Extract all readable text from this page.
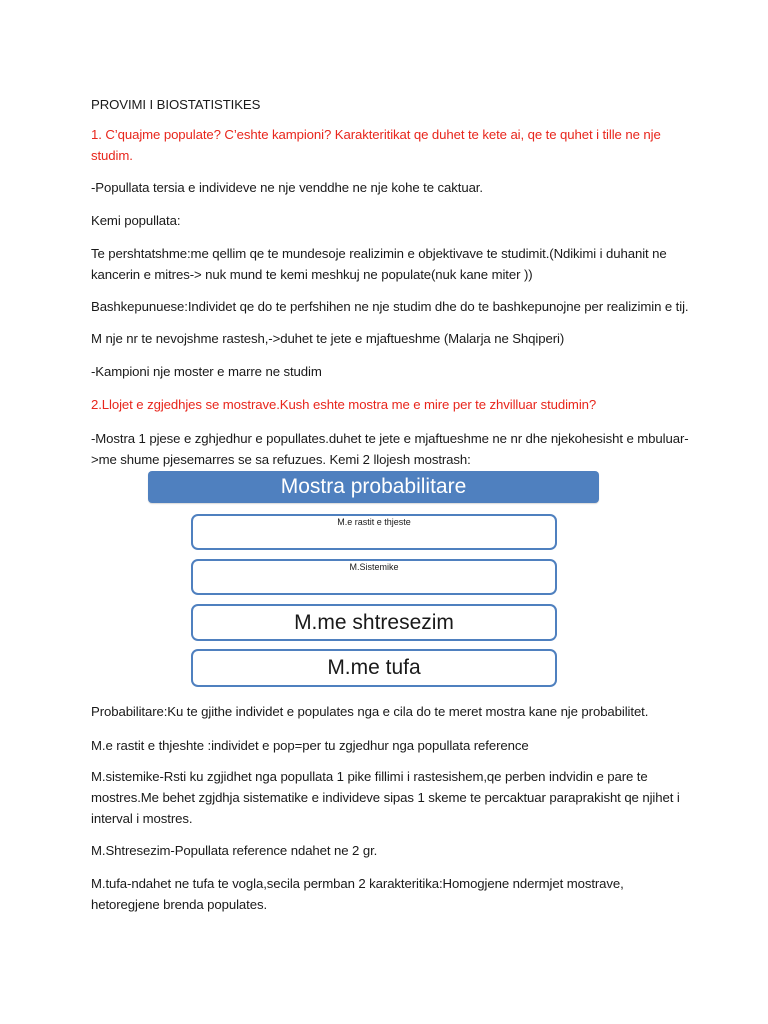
PROVIMI I BIOSTATISTIKES

1. C’quajme populate? C’eshte kampioni? Karakteritikat qe duhet te kete ai, qe te quhet i tille ne nje studim.

-Popullata tersia e individeve ne nje venddhe ne nje kohe te caktuar.

Kemi popullata:

Te pershtatshme:me qellim qe te mundesoje realizimin e objektivave te studimit.(Ndikimi i duhanit ne kancerin e mitres-> nuk mund te kemi meshkuj ne populate(nuk kane miter ))

Bashkepunuese:Individet qe do te perfshihen ne nje studim dhe do te bashkepunojne per realizimin e tij.

M nje nr te nevojshme rastesh,->duhet te jete e mjaftueshme (Malarja ne Shqiperi)

-Kampioni nje moster e marre ne studim

2.Llojet e zgjedhjes se mostrave.Kush eshte mostra me e mire per te zhvilluar studimin?

-Mostra 1 pjese e zghjedhur e popullates.duhet te jete e mjaftueshme ne nr dhe njekohesisht e mbuluar->me shume pjesemarres se sa refuzues. Kemi 2 llojesh mostrash:

Mostra probabilitare
M.e rastit e thjeste
M.Sistemike
M.me shtresezim
M.me tufa

Probabilitare:Ku te gjithe individet e populates nga e cila do te meret mostra kane nje probabilitet.

M.e rastit e thjeshte :individet e pop=per tu zgjedhur nga popullata reference

M.sistemike-Rsti ku zgjidhet nga popullata 1 pike fillimi i rastesishem,qe perben indvidin e pare te mostres.Me behet zgjdhja sistematike e individeve sipas 1 skeme te percaktuar paraprakisht qe njihet i interval i mostres.

M.Shtresezim-Popullata reference ndahet ne 2 gr.

M.tufa-ndahet ne tufa te vogla,secila permban 2 karakteritika:Homogjene ndermjet mostrave, hetoregjene brenda populates.
